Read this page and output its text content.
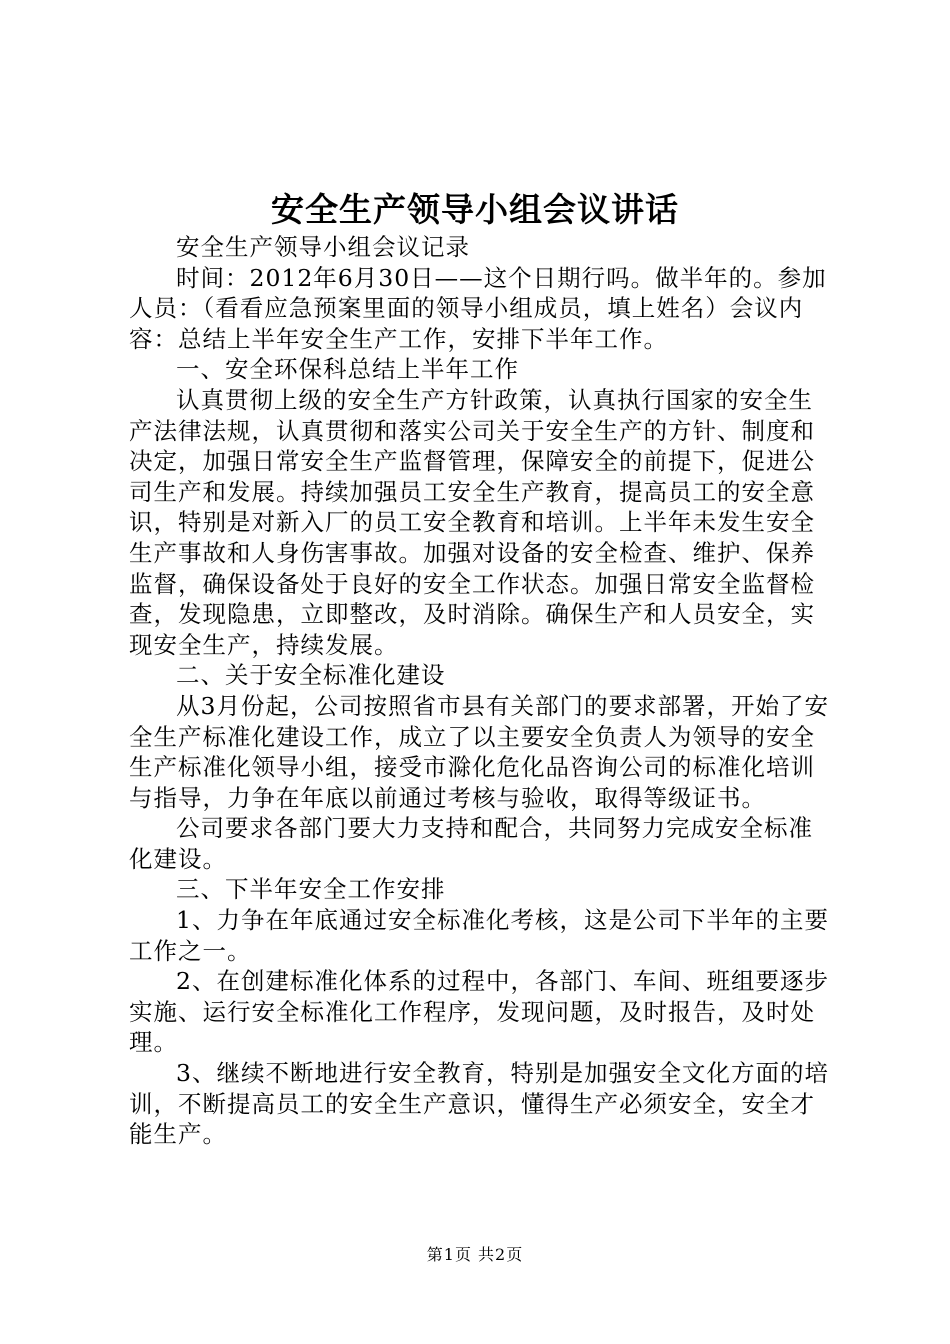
安全生产领导小组会议讲话

安全生产领导小组会议记录

时间：2012年6月30日——这个日期行吗。做半年的。参加人员：（看看应急预案里面的领导小组成员，填上姓名）会议内容：总结上半年安全生产工作，安排下半年工作。

一、安全环保科总结上半年工作

认真贯彻上级的安全生产方针政策，认真执行国家的安全生产法律法规，认真贯彻和落实公司关于安全生产的方针、制度和决定，加强日常安全生产监督管理，保障安全的前提下，促进公司生产和发展。持续加强员工安全生产教育，提高员工的安全意识，特别是对新入厂的员工安全教育和培训。上半年未发生安全生产事故和人身伤害事故。加强对设备的安全检查、维护、保养监督，确保设备处于良好的安全工作状态。加强日常安全监督检查，发现隐患，立即整改，及时消除。确保生产和人员安全，实现安全生产，持续发展。

二、关于安全标准化建设

从3月份起，公司按照省市县有关部门的要求部署，开始了安全生产标准化建设工作，成立了以主要安全负责人为领导的安全生产标准化领导小组，接受市滁化危化品咨询公司的标准化培训与指导，力争在年底以前通过考核与验收，取得等级证书。

公司要求各部门要大力支持和配合，共同努力完成安全标准化建设。

三、下半年安全工作安排

1、力争在年底通过安全标准化考核，这是公司下半年的主要工作之一。

2、在创建标准化体系的过程中，各部门、车间、班组要逐步实施、运行安全标准化工作程序，发现问题，及时报告，及时处理。

3、继续不断地进行安全教育，特别是加强安全文化方面的培训，不断提高员工的安全生产意识，懂得生产必须安全，安全才能生产。

第1页 共2页
